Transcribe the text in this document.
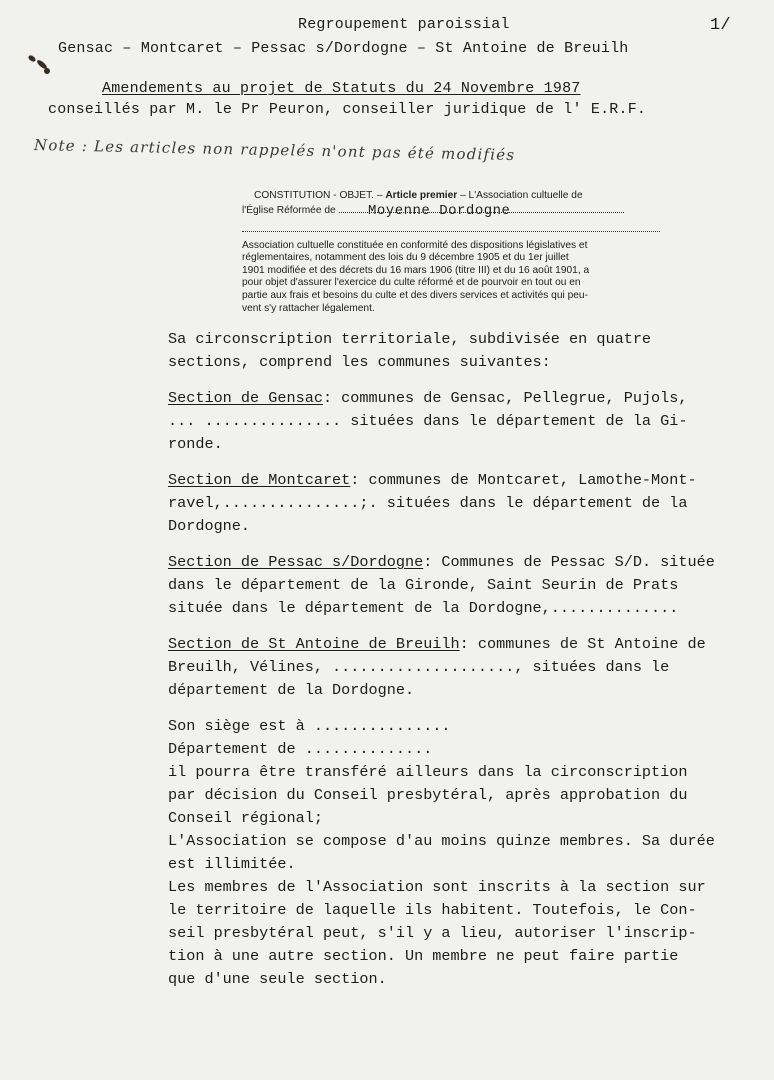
Regroupement paroissial	1/
Gensac – Montcaret – Pessac s/Dordogne – St Antoine de Breuilh
Amendements au projet de Statuts du 24 Novembre 1987
conseillés par M. le Pr Peuron, conseiller juridique de l' E.R.F.
Note : Les articles non rappelés n'ont pas été modifiés
CONSTITUTION - OBJET. – Article premier – L'Association cultuelle de
l'Église Réformée de Moyenne Dordogne
Association cultuelle constituée en conformité des dispositions législatives et
réglementaires, notamment des lois du 9 décembre 1905 et du 1er juillet
1901 modifiée et des décrets du 16 mars 1906 (titre III) et du 16 août 1901, a
pour objet d'assurer l'exercice du culte réformé et de pourvoir en tout ou en
partie aux frais et besoins du culte et des divers services et activités qui peu-
vent s'y rattacher légalement.
Sa circonscription territoriale, subdivisée en quatre
sections, comprend les communes suivantes:
Section de Gensac: communes de Gensac, Pellegrue, Pujols,
... ............... situées dans le département de la Gi-
ronde.
Section de Montcaret: communes de Montcaret, Lamothe-Mont-
ravel,...............;. situées dans le département de la
Dordogne.
Section de Pessac s/Dordogne: Communes de Pessac S/D. située
dans le département de la Gironde, Saint Seurin de Prats
située dans le département de la Dordogne,..............
Section de St Antoine de Breuilh: communes de St Antoine de
Breuilh, Vélines, ...................., situées dans le
département de la Dordogne.
Son siège est à ...............
Département de ..............
il pourra être transféré ailleurs dans la circonscription
par décision du Conseil presbytéral, après approbation du
Conseil régional;
L'Association se compose d'au moins quinze membres. Sa durée
est illimitée.
Les membres de l'Association sont inscrits à la section sur
le territoire de laquelle ils habitent. Toutefois, le Con-
seil presbytéral peut, s'il y a lieu, autoriser l'inscrip-
tion à une autre section. Un membre ne peut faire partie
que d'une seule section.
